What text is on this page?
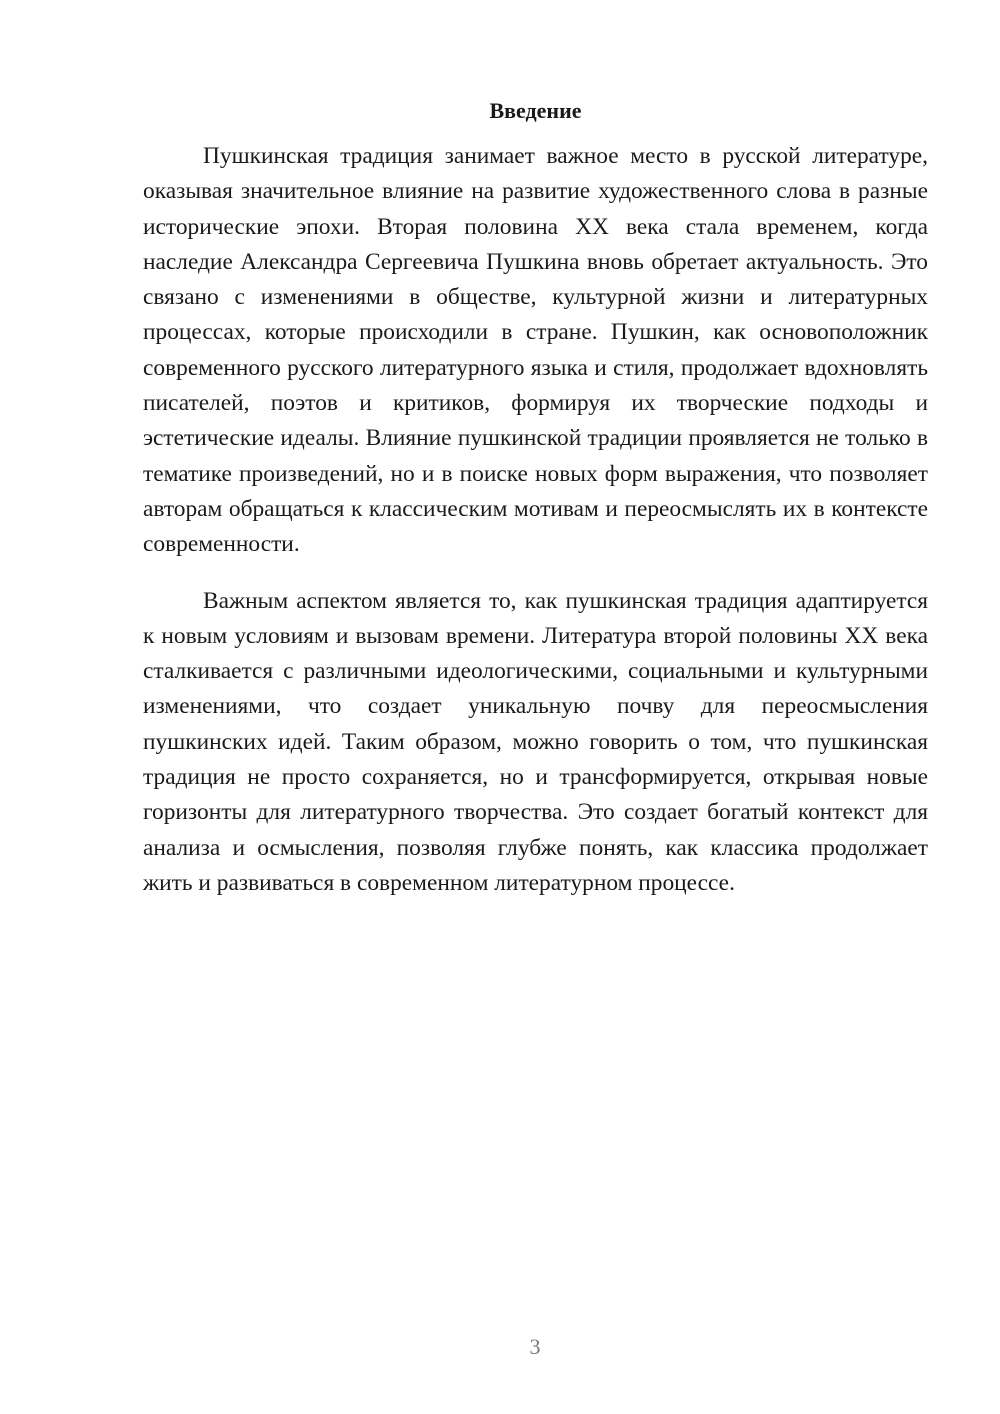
Введение

Пушкинская традиция занимает важное место в русской литературе, оказывая значительное влияние на развитие художественного слова в разные исторические эпохи. Вторая половина XX века стала временем, когда наследие Александра Сергеевича Пушкина вновь обретает актуальность. Это связано с изменениями в обществе, культурной жизни и литературных процессах, которые происходили в стране. Пушкин, как основоположник современного русского литературного языка и стиля, продолжает вдохновлять писателей, поэтов и критиков, формируя их творческие подходы и эстетические идеалы. Влияние пушкинской традиции проявляется не только в тематике произведений, но и в поиске новых форм выражения, что позволяет авторам обращаться к классическим мотивам и переосмыслять их в контексте современности.

Важным аспектом является то, как пушкинская традиция адаптируется к новым условиям и вызовам времени. Литература второй половины XX века сталкивается с различными идеологическими, социальными и культурными изменениями, что создает уникальную почву для переосмысления пушкинских идей. Таким образом, можно говорить о том, что пушкинская традиция не просто сохраняется, но и трансформируется, открывая новые горизонты для литературного творчества. Это создает богатый контекст для анализа и осмысления, позволяя глубже понять, как классика продолжает жить и развиваться в современном литературном процессе.

3
